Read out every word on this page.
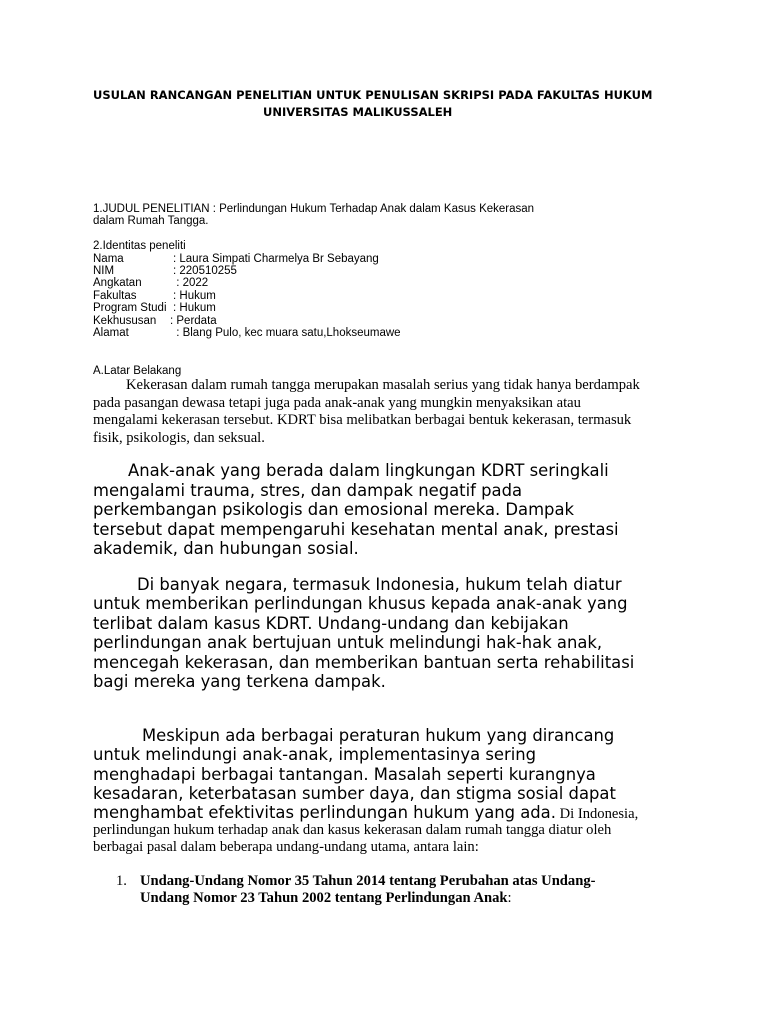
USULAN RANCANGAN PENELITIAN UNTUK PENULISAN SKRIPSI PADA FAKULTAS HUKUM
UNIVERSITAS MALIKUSSALEH
1.JUDUL PENELITIAN : Perlindungan Hukum Terhadap Anak dalam Kasus Kekerasan
dalam Rumah Tangga.
2.Identitas peneliti
Nama	: Laura Simpati Charmelya Br Sebayang
NIM	: 220510255
Angkatan	: 2022
Fakultas	: Hukum
Program Studi : Hukum
Kekhususan : Perdata
Alamat	: Blang Pulo, kec muara satu,Lhokseumawe
A.Latar Belakang
Kekerasan dalam rumah tangga merupakan masalah serius yang tidak hanya berdampak
pada pasangan dewasa tetapi juga pada anak-anak yang mungkin menyaksikan atau
mengalami kekerasan tersebut. KDRT bisa melibatkan berbagai bentuk kekerasan, termasuk
fisik, psikologis, dan seksual.
Anak-anak yang berada dalam lingkungan KDRT seringkali
mengalami trauma, stres, dan dampak negatif pada
perkembangan psikologis dan emosional mereka. Dampak
tersebut dapat mempengaruhi kesehatan mental anak, prestasi
akademik, dan hubungan sosial.
Di banyak negara, termasuk Indonesia, hukum telah diatur
untuk memberikan perlindungan khusus kepada anak-anak yang
terlibat dalam kasus KDRT. Undang-undang dan kebijakan
perlindungan anak bertujuan untuk melindungi hak-hak anak,
mencegah kekerasan, dan memberikan bantuan serta rehabilitasi
bagi mereka yang terkena dampak.
Meskipun ada berbagai peraturan hukum yang dirancang
untuk melindungi anak-anak, implementasinya sering
menghadapi berbagai tantangan. Masalah seperti kurangnya
kesadaran, keterbatasan sumber daya, dan stigma sosial dapat
menghambat efektivitas perlindungan hukum yang ada. Di Indonesia,
perlindungan hukum terhadap anak dan kasus kekerasan dalam rumah tangga diatur oleh
berbagai pasal dalam beberapa undang-undang utama, antara lain:
1. Undang-Undang Nomor 35 Tahun 2014 tentang Perubahan atas Undang-
Undang Nomor 23 Tahun 2002 tentang Perlindungan Anak:
